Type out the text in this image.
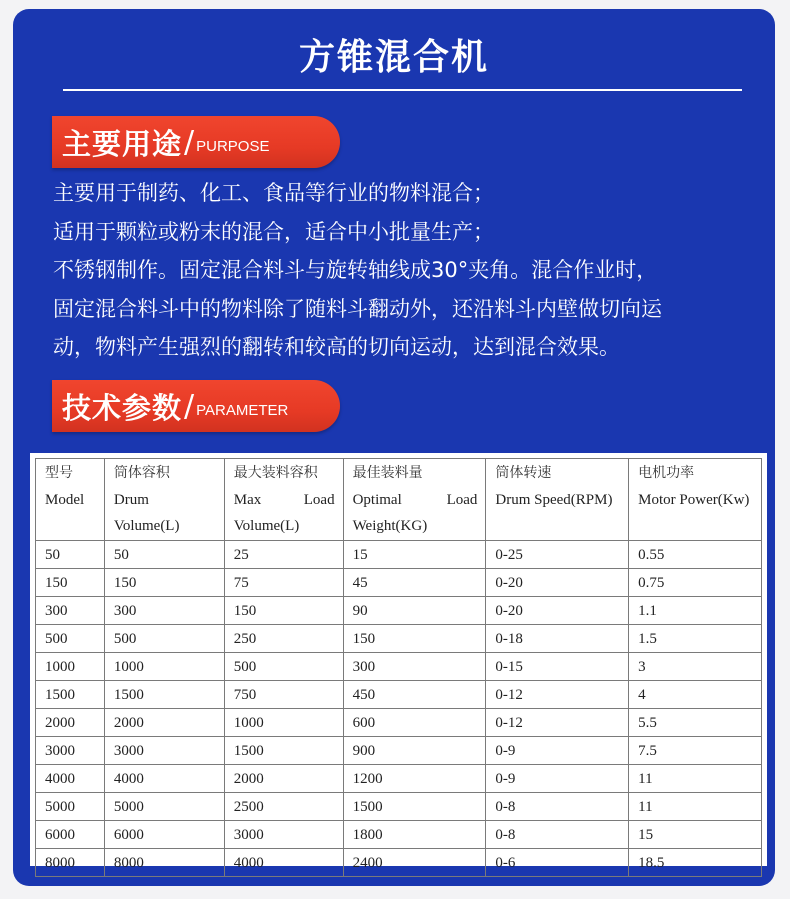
方锥混合机
主要用途 / PURPOSE

主要用于制药、化工、食品等行业的物料混合；

适用于颗粒或粉末的混合，适合中小批量生产；

不锈钢制作。固定混合料斗与旋转轴线成30°夹角。混合作业时，

固定混合料斗中的物料除了随料斗翻动外，还沿料斗内壁做切向运

动，物料产生强烈的翻转和较高的切向运动，达到混合效果。

技术参数 / PARAMETER
型号
Model

筒体容积
Drum
Volume(L)

最大装料容积
Max	Load
Volume(L)

最佳装料量
Optimal	Load
Weight(KG)

筒体转速
Drum Speed(RPM)

电机功率
Motor Power(Kw)

50	50	25	15	0-25	0.55
150	150	75	45	0-20	0.75
300	300	150	90	0-20	1.1
500	500	250	150	0-18	1.5
1000	1000	500	300	0-15	3
1500	1500	750	450	0-12	4
2000	2000	1000	600	0-12	5.5
3000	3000	1500	900	0-9	7.5
4000	4000	2000	1200	0-9	11
5000	5000	2500	1500	0-8	11
6000	6000	3000	1800	0-8	15
8000	8000	4000	2400	0-6	18.5
